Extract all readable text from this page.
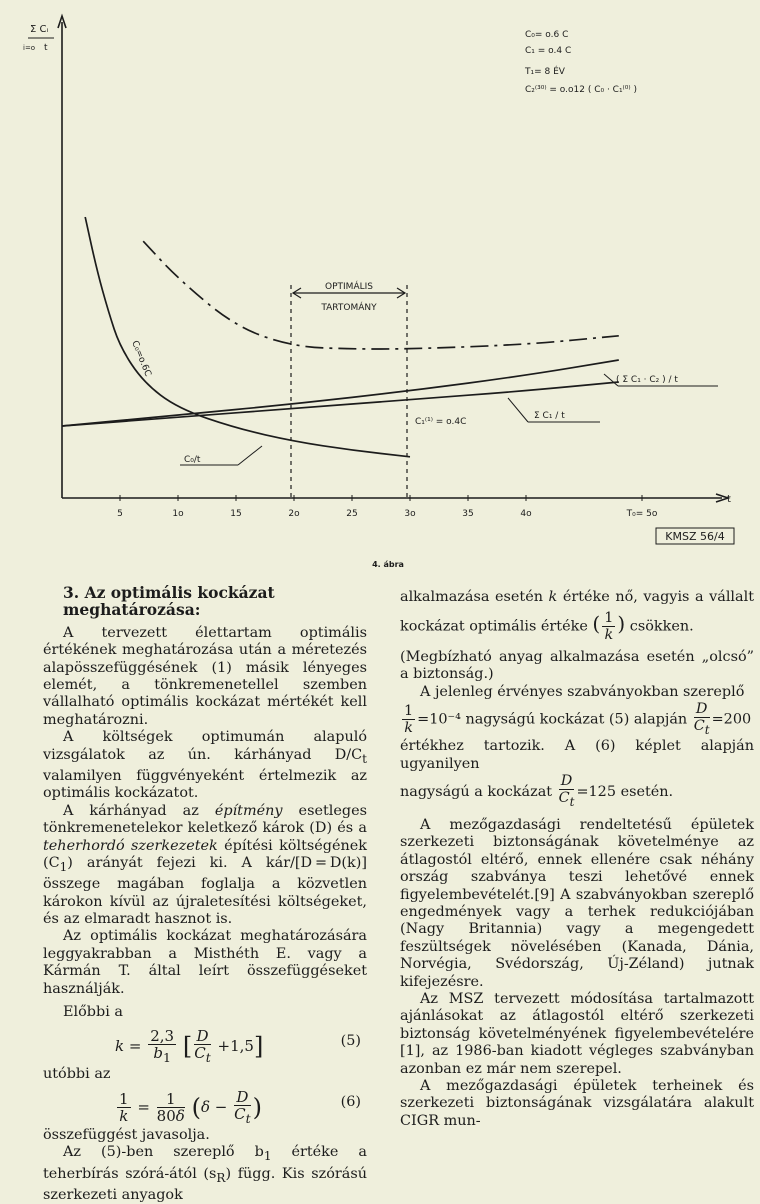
5	1o	15	2o	25	3o	35	4o	T₀= 5o
OPTIMÁLIS
TARTOMÁNY
Σ Cᵢ
i=o t
C₀= o.6 C
C₁ = o.4 C
T₁= 8 ÉV
C₂⁽³⁰⁾ = o.o12 ( C₀ · C₁⁽⁰⁾ )
C₀=o.6C
C₀/t
C₁⁽¹⁾ = o.4C
Σ C₁ / t
( Σ C₁ · C₂ ) / t
t
KMSZ 56/4
4. ábra
3. Az optimális kockázat meghatározása:

A tervezett élettartam optimális értékének meghatározása után a méretezés alapösszefüggésének (1) másik lényeges elemét, a tönkremenetellel szemben vállalható optimális kockázat mértékét kell meghatározni.

A költségek optimumán alapuló vizsgálatok az ún. kárhányad $D/C_t$ valamilyen függvényeként értelmezik az optimális kockázatot.

A kárhányad az építmény esetleges tönkremenetelekor keletkező károk (D) és a teherhordó szerkezetek építési költségének $(C_1)$ arányát fejezi ki. A kár/[D = D(k)] összege magában foglalja a közvetlen károkon kívül az újraletesítési költségeket, és az elmaradt hasznot is.

Az optimális kockázat meghatározására leggyakrabban a Misthéth E. vagy a Kármán T. által leírt összefüggéseket használják.

Előbbi a

$k = \frac{2,3}{b_1}$ [ $\frac{D}{C_t} +1,5$]	(5)

utóbbi az

$\frac{1}{k} = \frac{1}{80\delta} (\delta - \frac{D}{C_t}$ )	(6)

összefüggést javasolja.

Az (5)-ben szereplő $b_1$ értéke a teherbírás szórá-ától $(s_R)$ függ. Kis szórású szerkezeti anyagok

alkalmazása esetén k értéke nő, vagyis a vállalt kockázat optimális értéke ( $\frac{1}{k}$ ) csökken.

(Megbízható anyag alkalmazása esetén „olcsó” a biztonság.)

A jelenleg érvényes szabványokban szereplő

$\frac{1}{k} =10^{-4}$ nagyságú kockázat (5) alapján $\frac{D}{C_t} =200$

értékhez tartozik. A (6) képlet alapján ugyanilyen

nagyságú a kockázat $\frac{D}{C_t} =125$ esetén.

A mezőgazdasági rendeltetésű épületek szerkezeti biztonságának követelménye az átlagostól eltérő, ennek ellenére csak néhány ország szabványa teszi lehetővé ennek figyelembevételét.[9] A szabványokban szereplő engedmények vagy a terhek redukciójában (Nagy Britannia) vagy a megengedett feszültségek növelésében (Kanada, Dánia, Norvégia, Svédország, Új-Zéland) jutnak kifejezésre.

Az MSZ tervezett módosítása tartalmazott ajánlásokat az átlagostól eltérő szerkezeti biztonság követelményének figyelembevételére [1], az 1986-ban kiadott végleges szabványban azonban ez már nem szerepel.

A mezőgazdasági épületek terheinek és szerkezeti biztonságának vizsgálatára alakult CIGR mun-
